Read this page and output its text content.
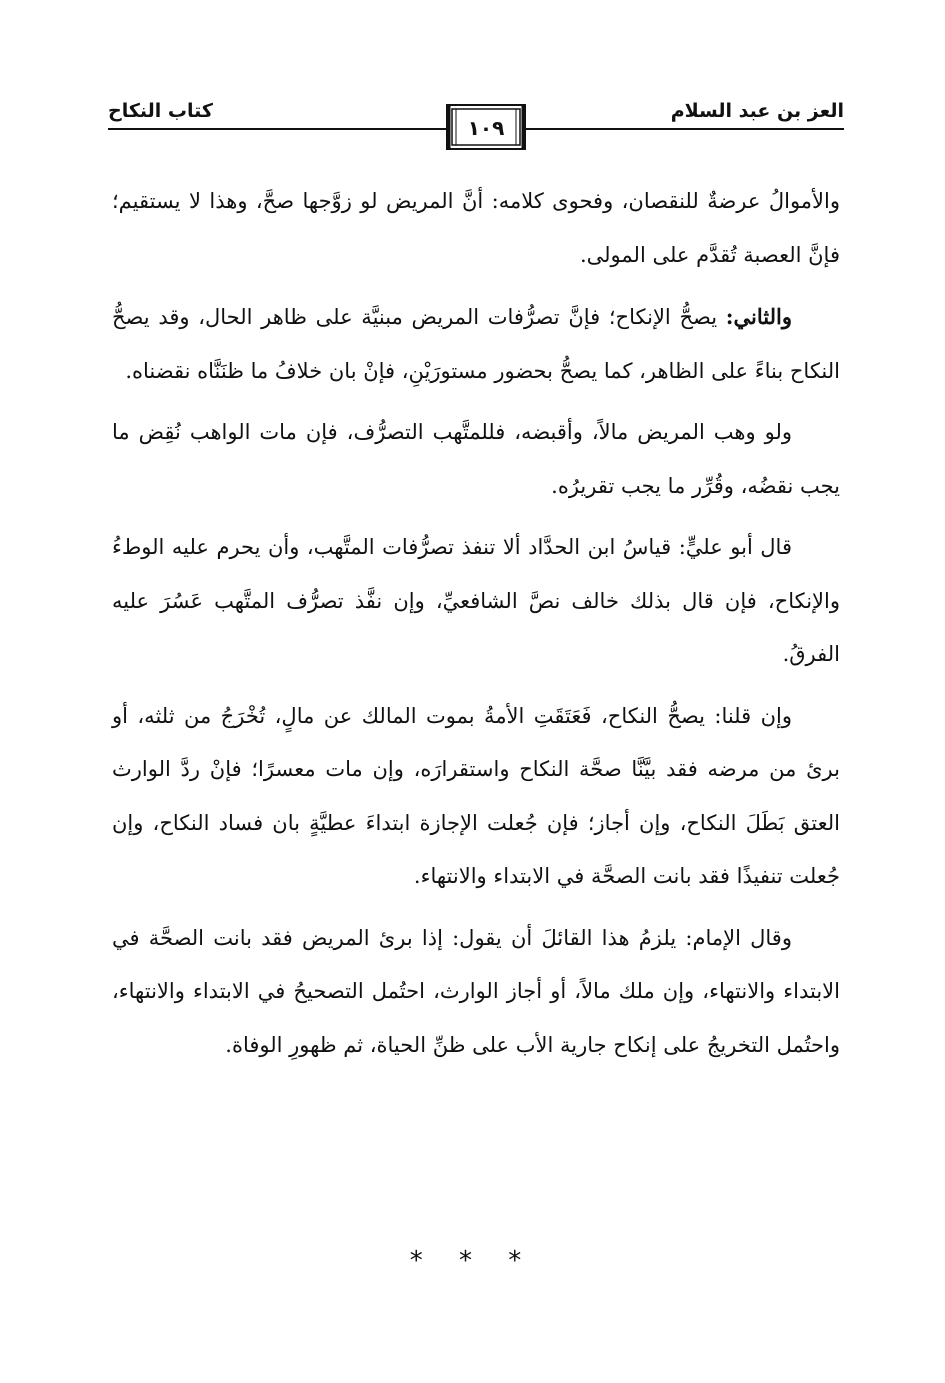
كتاب النكاح
١٠٩
العز بن عبد السلام

والأموالُ عرضةٌ للنقصان، وفحوى كلامه: أنَّ المريض لو زوَّجها صحَّ، وهذا لا يستقيم؛ فإنَّ العصبة تُقدَّم على المولى.

والثاني: يصحُّ الإنكاح؛ فإنَّ تصرُّفات المريض مبنيَّة على ظاهر الحال، وقد يصحُّ النكاح بناءً على الظاهر، كما يصحُّ بحضور مستورَيْنِ، فإنْ بان خلافُ ما ظنَنَّاه نقضناه.

ولو وهب المريض مالاً، وأقبضه، فللمتَّهب التصرُّف، فإن مات الواهب نُقِض ما يجب نقضُه، وقُرِّر ما يجب تقريرُه.

قال أبو عليٍّ: قياسُ ابن الحدَّاد ألا تنفذ تصرُّفات المتَّهب، وأن يحرم عليه الوطءُ والإنكاح، فإن قال بذلك خالف نصَّ الشافعيِّ، وإن نفَّذ تصرُّف المتَّهب عَسُرَ عليه الفرقُ.

وإن قلنا: يصحُّ النكاح، فَعَتَقَتِ الأمةُ بموت المالك عن مالٍ، تُخْرَجُ من ثلثه، أو برئ من مرضه فقد بيَّنَّا صحَّة النكاح واستقرارَه، وإن مات معسرًا؛ فإنْ ردَّ الوارث العتق بَطَلَ النكاح، وإن أجاز؛ فإن جُعلت الإجازة ابتداءَ عطيَّةٍ بان فساد النكاح، وإن جُعلت تنفيذًا فقد بانت الصحَّة في الابتداء والانتهاء.

وقال الإمام: يلزمُ هذا القائلَ أن يقول: إذا برئ المريض فقد بانت الصحَّة في الابتداء والانتهاء، وإن ملك مالاً، أو أجاز الوارث، احتُمل التصحيحُ في الابتداء والانتهاء، واحتُمل التخريجُ على إنكاح جارية الأب على ظنِّ الحياة، ثم ظهورِ الوفاة.

* * *
